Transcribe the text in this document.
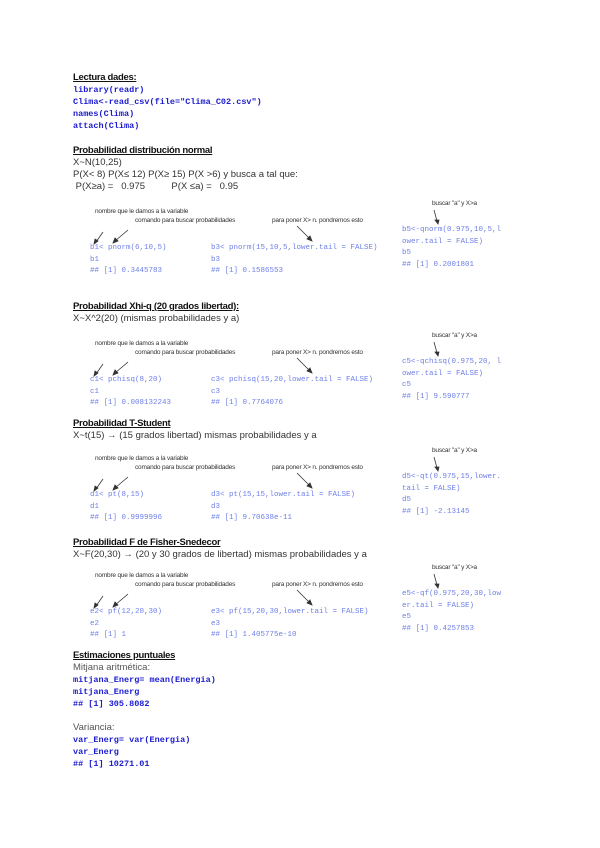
Lectura dades:
library(readr)
Clima<-read_csv(file="Clima_C02.csv")
names(Clima)
attach(Clima)
Probabilidad distribución normal
X~N(10,25)
P(X< 8) P(X≤ 12) P(X≥ 15) P(X >6) y busca a tal que:
P(X≥a) =   0.975          P(X ≤a) =   0.95
nombre que le damos a la variable
comando para buscar probabilidades	para poner X> n. pondremos esto
buscar "a" y X>a
b1< pnorm(6,10,5)
b1
## [1] 0.3445783
b3< pnorm(15,10,5,lower.tail = FALSE)
b3
## [1] 0.1586553
b5<-qnorm(0.975,10,5,lower.tail = FALSE)
b5
## [1] 0.2001801
Probabilidad Xhi-q (20 grados libertad):
X~X^2(20) (mismas probabilidades y a)
nombre que le damos a la variable
comando para buscar probabilidades	para poner X> n. pondremos esto
buscar "a" y X>a
c1< pchisq(8,20)
c1
## [1] 0.008132243
c3< pchisq(15,20,lower.tail = FALSE)
c3
## [1] 0.7764076
c5<-qchisq(0.975,20, lower.tail = FALSE)
c5
## [1] 9.590777
Probabilidad T-Student
X~t(15) → (15 grados libertad) mismas probabilidades y a
nombre que le damos a la variable
comando para buscar probabilidades	para poner X> n. pondremos esto
buscar "a" y X>a
d1< pt(8,15)
d1
## [1] 0.9999996
d3< pt(15,15,lower.tail = FALSE)
d3
## [1] 9.70638e-11
d5<-qt(0.975,15,lower.tail = FALSE)
d5
## [1] -2.13145
Probabilidad F de Fisher-Snedecor
X~F(20,30) → (20 y 30 grados de libertad) mismas probabilidades y a
nombre que le damos a la variable
comando para buscar probabilidades	para poner X> n. pondremos esto
buscar "a" y X>a
e2< pf(12,20,30)
e2
## [1] 1
e3< pf(15,20,30,lower.tail = FALSE)
e3
## [1] 1.405775e-10
e5<-qf(0.975,20,30,lower.tail = FALSE)
e5
## [1] 0.4257853
Estimaciones puntuales
Mitjana aritmética:
mitjana_Energ= mean(Energia)
mitjana_Energ
## [1] 305.8082
Variancia:
var_Energ= var(Energia)
var_Energ
## [1] 10271.01
